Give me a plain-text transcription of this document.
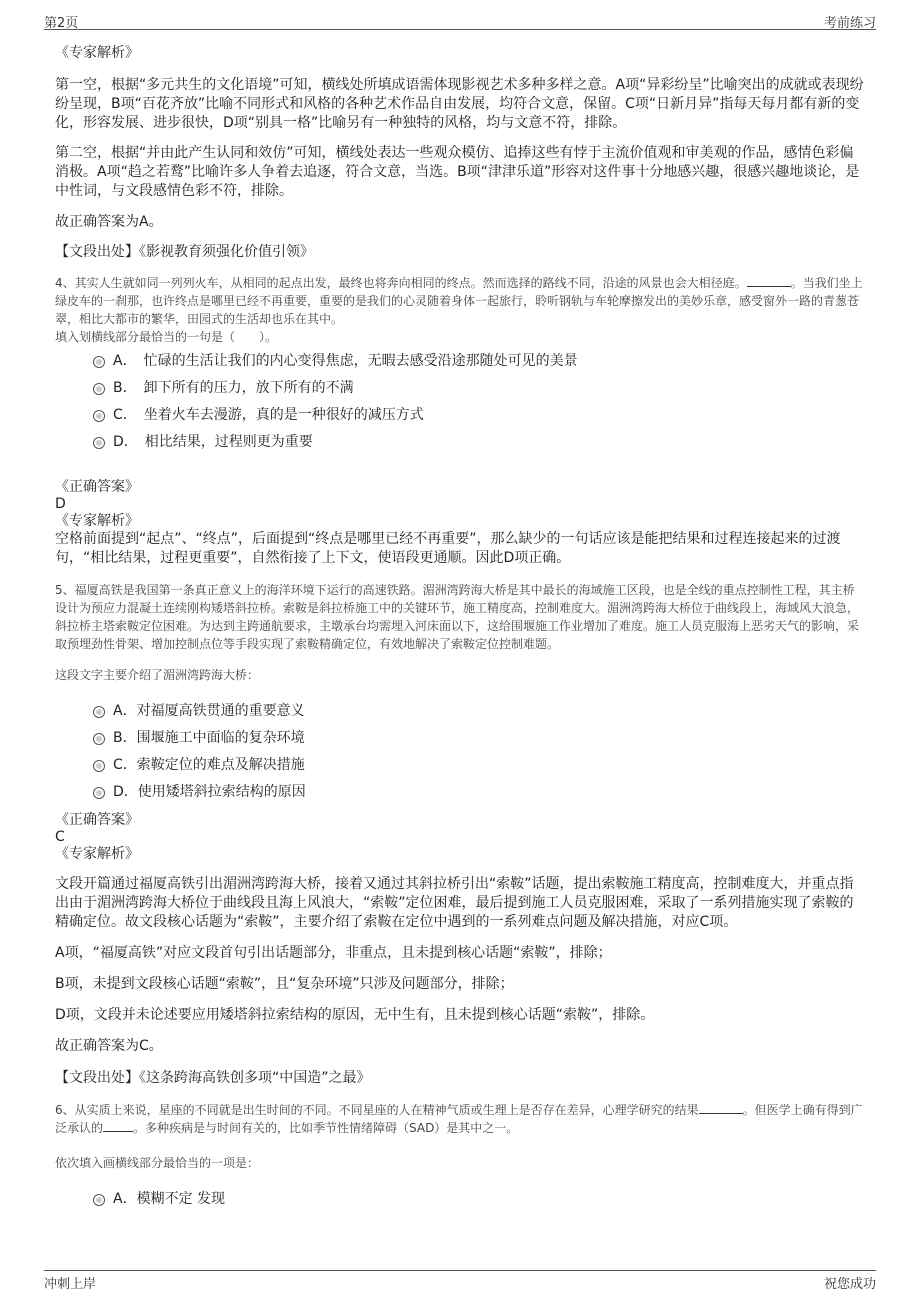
第2页	考前练习
《专家解析》
第一空，根据“多元共生的文化语境”可知，横线处所填成语需体现影视艺术多种多样之意。A项“异彩纷呈”比喻突出的成就或表现纷纷呈现，B项“百花齐放”比喻不同形式和风格的各种艺术作品自由发展，均符合文意，保留。C项“日新月异”指每天每月都有新的变化，形容发展、进步很快，D项“别具一格”比喻另有一种独特的风格，均与文意不符，排除。
第二空，根据“并由此产生认同和效仿”可知，横线处表达一些观众模仿、追捧这些有悖于主流价值观和审美观的作品，感情色彩偏消极。A项“趋之若鹜”比喻许多人争着去追逐，符合文意，当选。B项“津津乐道”形容对这件事十分地感兴趣，很感兴趣地谈论，是中性词，与文段感情色彩不符，排除。
故正确答案为A。
【文段出处】《影视教育须强化价值引领》
4、其实人生就如同一列列火车，从相同的起点出发，最终也将奔向相同的终点。然而选择的路线不同，沿途的风景也会大相径庭。	。当我们坐上绿皮车的一刹那，也许终点是哪里已经不再重要，重要的是我们的心灵随着身体一起旅行，聆听钢轨与车轮摩擦发出的美妙乐章，感受窗外一路的青葱苍翠，相比大都市的繁华，田园式的生活却也乐在其中。
填入划横线部分最恰当的一句是（　　）。
A．　忙碌的生活让我们的内心变得焦虑，无暇去感受沿途那随处可见的美景
B．　卸下所有的压力，放下所有的不满
C．　坐着火车去漫游，真的是一种很好的减压方式
D．　相比结果，过程则更为重要
《正确答案》
D
《专家解析》
空格前面提到“起点”、“终点”，后面提到“终点是哪里已经不再重要”，那么缺少的一句话应该是能把结果和过程连接起来的过渡句，“相比结果，过程更重要”，自然衔接了上下文，使语段更通顺。因此D项正确。
5、福厦高铁是我国第一条真正意义上的海洋环境下运行的高速铁路。湄洲湾跨海大桥是其中最长的海域施工区段，也是全线的重点控制性工程，其主桥设计为预应力混凝土连续刚构矮塔斜拉桥。索鞍是斜拉桥施工中的关键环节，施工精度高，控制难度大。湄洲湾跨海大桥位于曲线段上，海域风大浪急，斜拉桥主塔索鞍定位困难。为达到主跨通航要求，主墩承台均需埋入河床面以下，这给围堰施工作业增加了难度。施工人员克服海上恶劣天气的影响，采取预埋劲性骨架、增加控制点位等手段实现了索鞍精确定位，有效地解决了索鞍定位控制难题。
这段文字主要介绍了湄洲湾跨海大桥：
A．对福厦高铁贯通的重要意义
B．围堰施工中面临的复杂环境
C．索鞍定位的难点及解决措施
D．使用矮塔斜拉索结构的原因
《正确答案》
C
《专家解析》
文段开篇通过福厦高铁引出湄洲湾跨海大桥，接着又通过其斜拉桥引出“索鞍”话题，提出索鞍施工精度高，控制难度大，并重点指出由于湄洲湾跨海大桥位于曲线段且海上风浪大，“索鞍”定位困难，最后提到施工人员克服困难，采取了一系列措施实现了索鞍的精确定位。故文段核心话题为“索鞍”，主要介绍了索鞍在定位中遇到的一系列难点问题及解决措施，对应C项。
A项，“福厦高铁”对应文段首句引出话题部分，非重点，且未提到核心话题“索鞍”，排除；
B项，未提到文段核心话题“索鞍”，且“复杂环境”只涉及问题部分，排除；
D项，文段并未论述要应用矮塔斜拉索结构的原因，无中生有，且未提到核心话题“索鞍”，排除。
故正确答案为C。
【文段出处】《这条跨海高铁创多项“中国造”之最》
6、从实质上来说，星座的不同就是出生时间的不同。不同星座的人在精神气质或生理上是否存在差异，心理学研究的结果	。但医学上确有得到广泛承认的	。多种疾病是与时间有关的，比如季节性情绪障碍（SAD）是其中之一。
依次填入画横线部分最恰当的一项是：
A．模糊不定 发现
冲刺上岸	祝您成功
